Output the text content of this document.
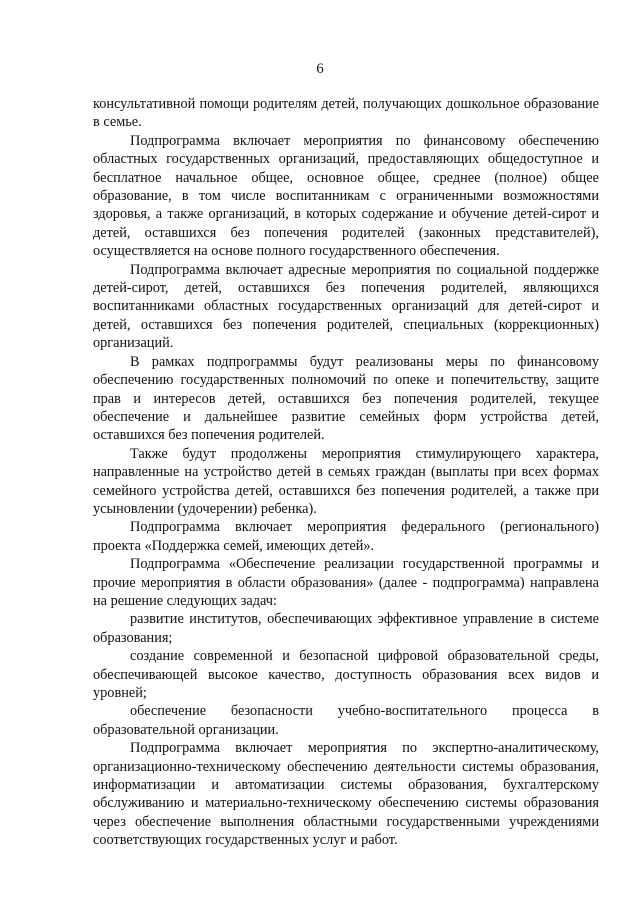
6

консультативной помощи родителям детей, получающих дошкольное образование в семье.

Подпрограмма включает мероприятия по финансовому обеспечению областных государственных организаций, предоставляющих общедоступное и бесплатное начальное общее, основное общее, среднее (полное) общее образование, в том числе воспитанникам с ограниченными возможностями здоровья, а также организаций, в которых содержание и обучение детей-сирот и детей, оставшихся без попечения родителей (законных представителей), осуществляется на основе полного государственного обеспечения.

Подпрограмма включает адресные мероприятия по социальной поддержке детей-сирот, детей, оставшихся без попечения родителей, являющихся воспитанниками областных государственных организаций для детей-сирот и детей, оставшихся без попечения родителей, специальных (коррекционных) организаций.

В рамках подпрограммы будут реализованы меры по финансовому обеспечению государственных полномочий по опеке и попечительству, защите прав и интересов детей, оставшихся без попечения родителей, текущее обеспечение и дальнейшее развитие семейных форм устройства детей, оставшихся без попечения родителей.

Также будут продолжены мероприятия стимулирующего характера, направленные на устройство детей в семьях граждан (выплаты при всех формах семейного устройства детей, оставшихся без попечения родителей, а также при усыновлении (удочерении) ребенка).

Подпрограмма включает мероприятия федерального (регионального) проекта «Поддержка семей, имеющих детей».

Подпрограмма «Обеспечение реализации государственной программы и прочие мероприятия в области образования» (далее - подпрограмма) направлена на решение следующих задач:

развитие институтов, обеспечивающих эффективное управление в системе образования;

создание современной и безопасной цифровой образовательной среды, обеспечивающей высокое качество, доступность образования всех видов и уровней;

обеспечение безопасности учебно-воспитательного процесса в образовательной организации.

Подпрограмма включает мероприятия по экспертно-аналитическому, организационно-техническому обеспечению деятельности системы образования, информатизации и автоматизации системы образования, бухгалтерскому обслуживанию и материально-техническому обеспечению системы образования через обеспечение выполнения областными государственными учреждениями соответствующих государственных услуг и работ.
